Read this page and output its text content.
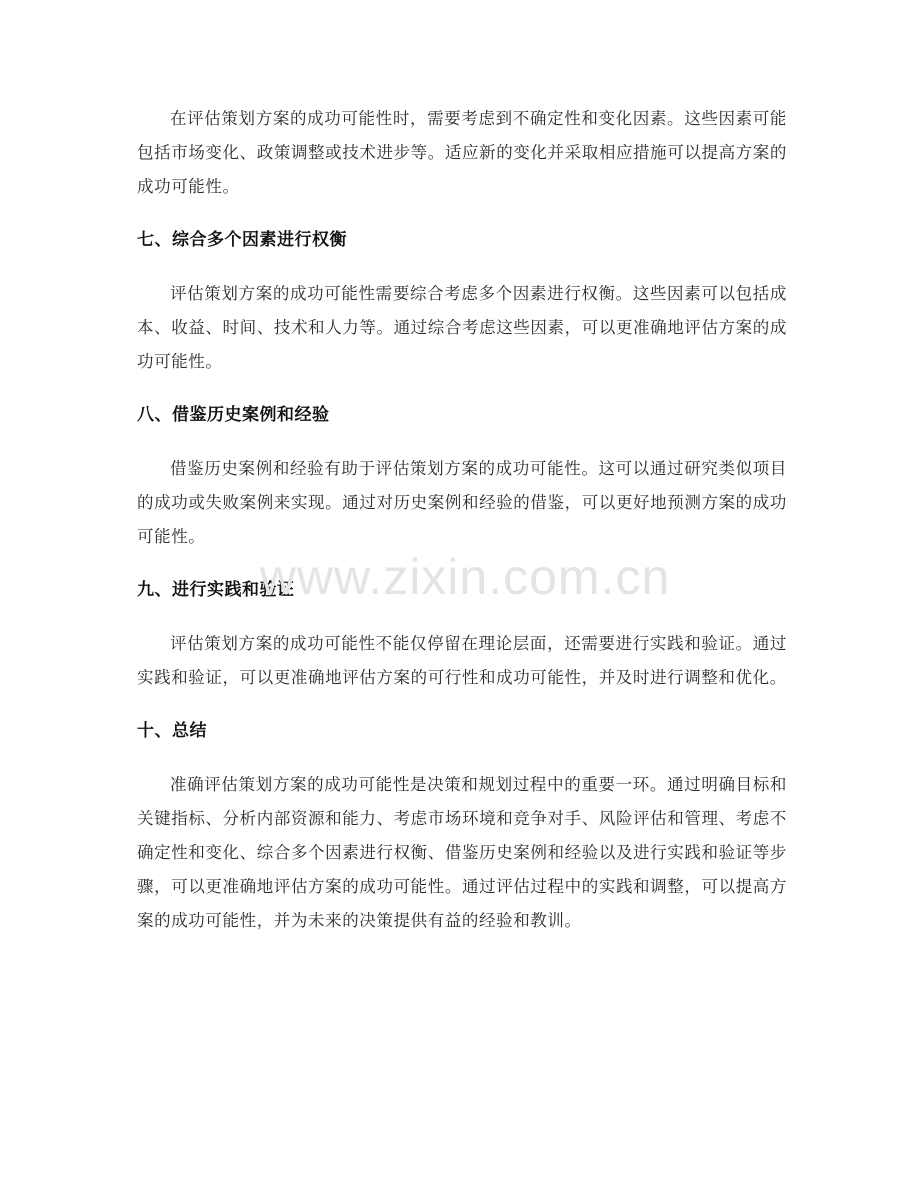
在评估策划方案的成功可能性时，需要考虑到不确定性和变化因素。这些因素可能包括市场变化、政策调整或技术进步等。适应新的变化并采取相应措施可以提高方案的成功可能性。

七、综合多个因素进行权衡

评估策划方案的成功可能性需要综合考虑多个因素进行权衡。这些因素可以包括成本、收益、时间、技术和人力等。通过综合考虑这些因素，可以更准确地评估方案的成功可能性。

八、借鉴历史案例和经验

借鉴历史案例和经验有助于评估策划方案的成功可能性。这可以通过研究类似项目的成功或失败案例来实现。通过对历史案例和经验的借鉴，可以更好地预测方案的成功可能性。

九、进行实践和验证

评估策划方案的成功可能性不能仅停留在理论层面，还需要进行实践和验证。通过实践和验证，可以更准确地评估方案的可行性和成功可能性，并及时进行调整和优化。

十、总结

准确评估策划方案的成功可能性是决策和规划过程中的重要一环。通过明确目标和关键指标、分析内部资源和能力、考虑市场环境和竞争对手、风险评估和管理、考虑不确定性和变化、综合多个因素进行权衡、借鉴历史案例和经验以及进行实践和验证等步骤，可以更准确地评估方案的成功可能性。通过评估过程中的实践和调整，可以提高方案的成功可能性，并为未来的决策提供有益的经验和教训。

www.zixin.com.cn
